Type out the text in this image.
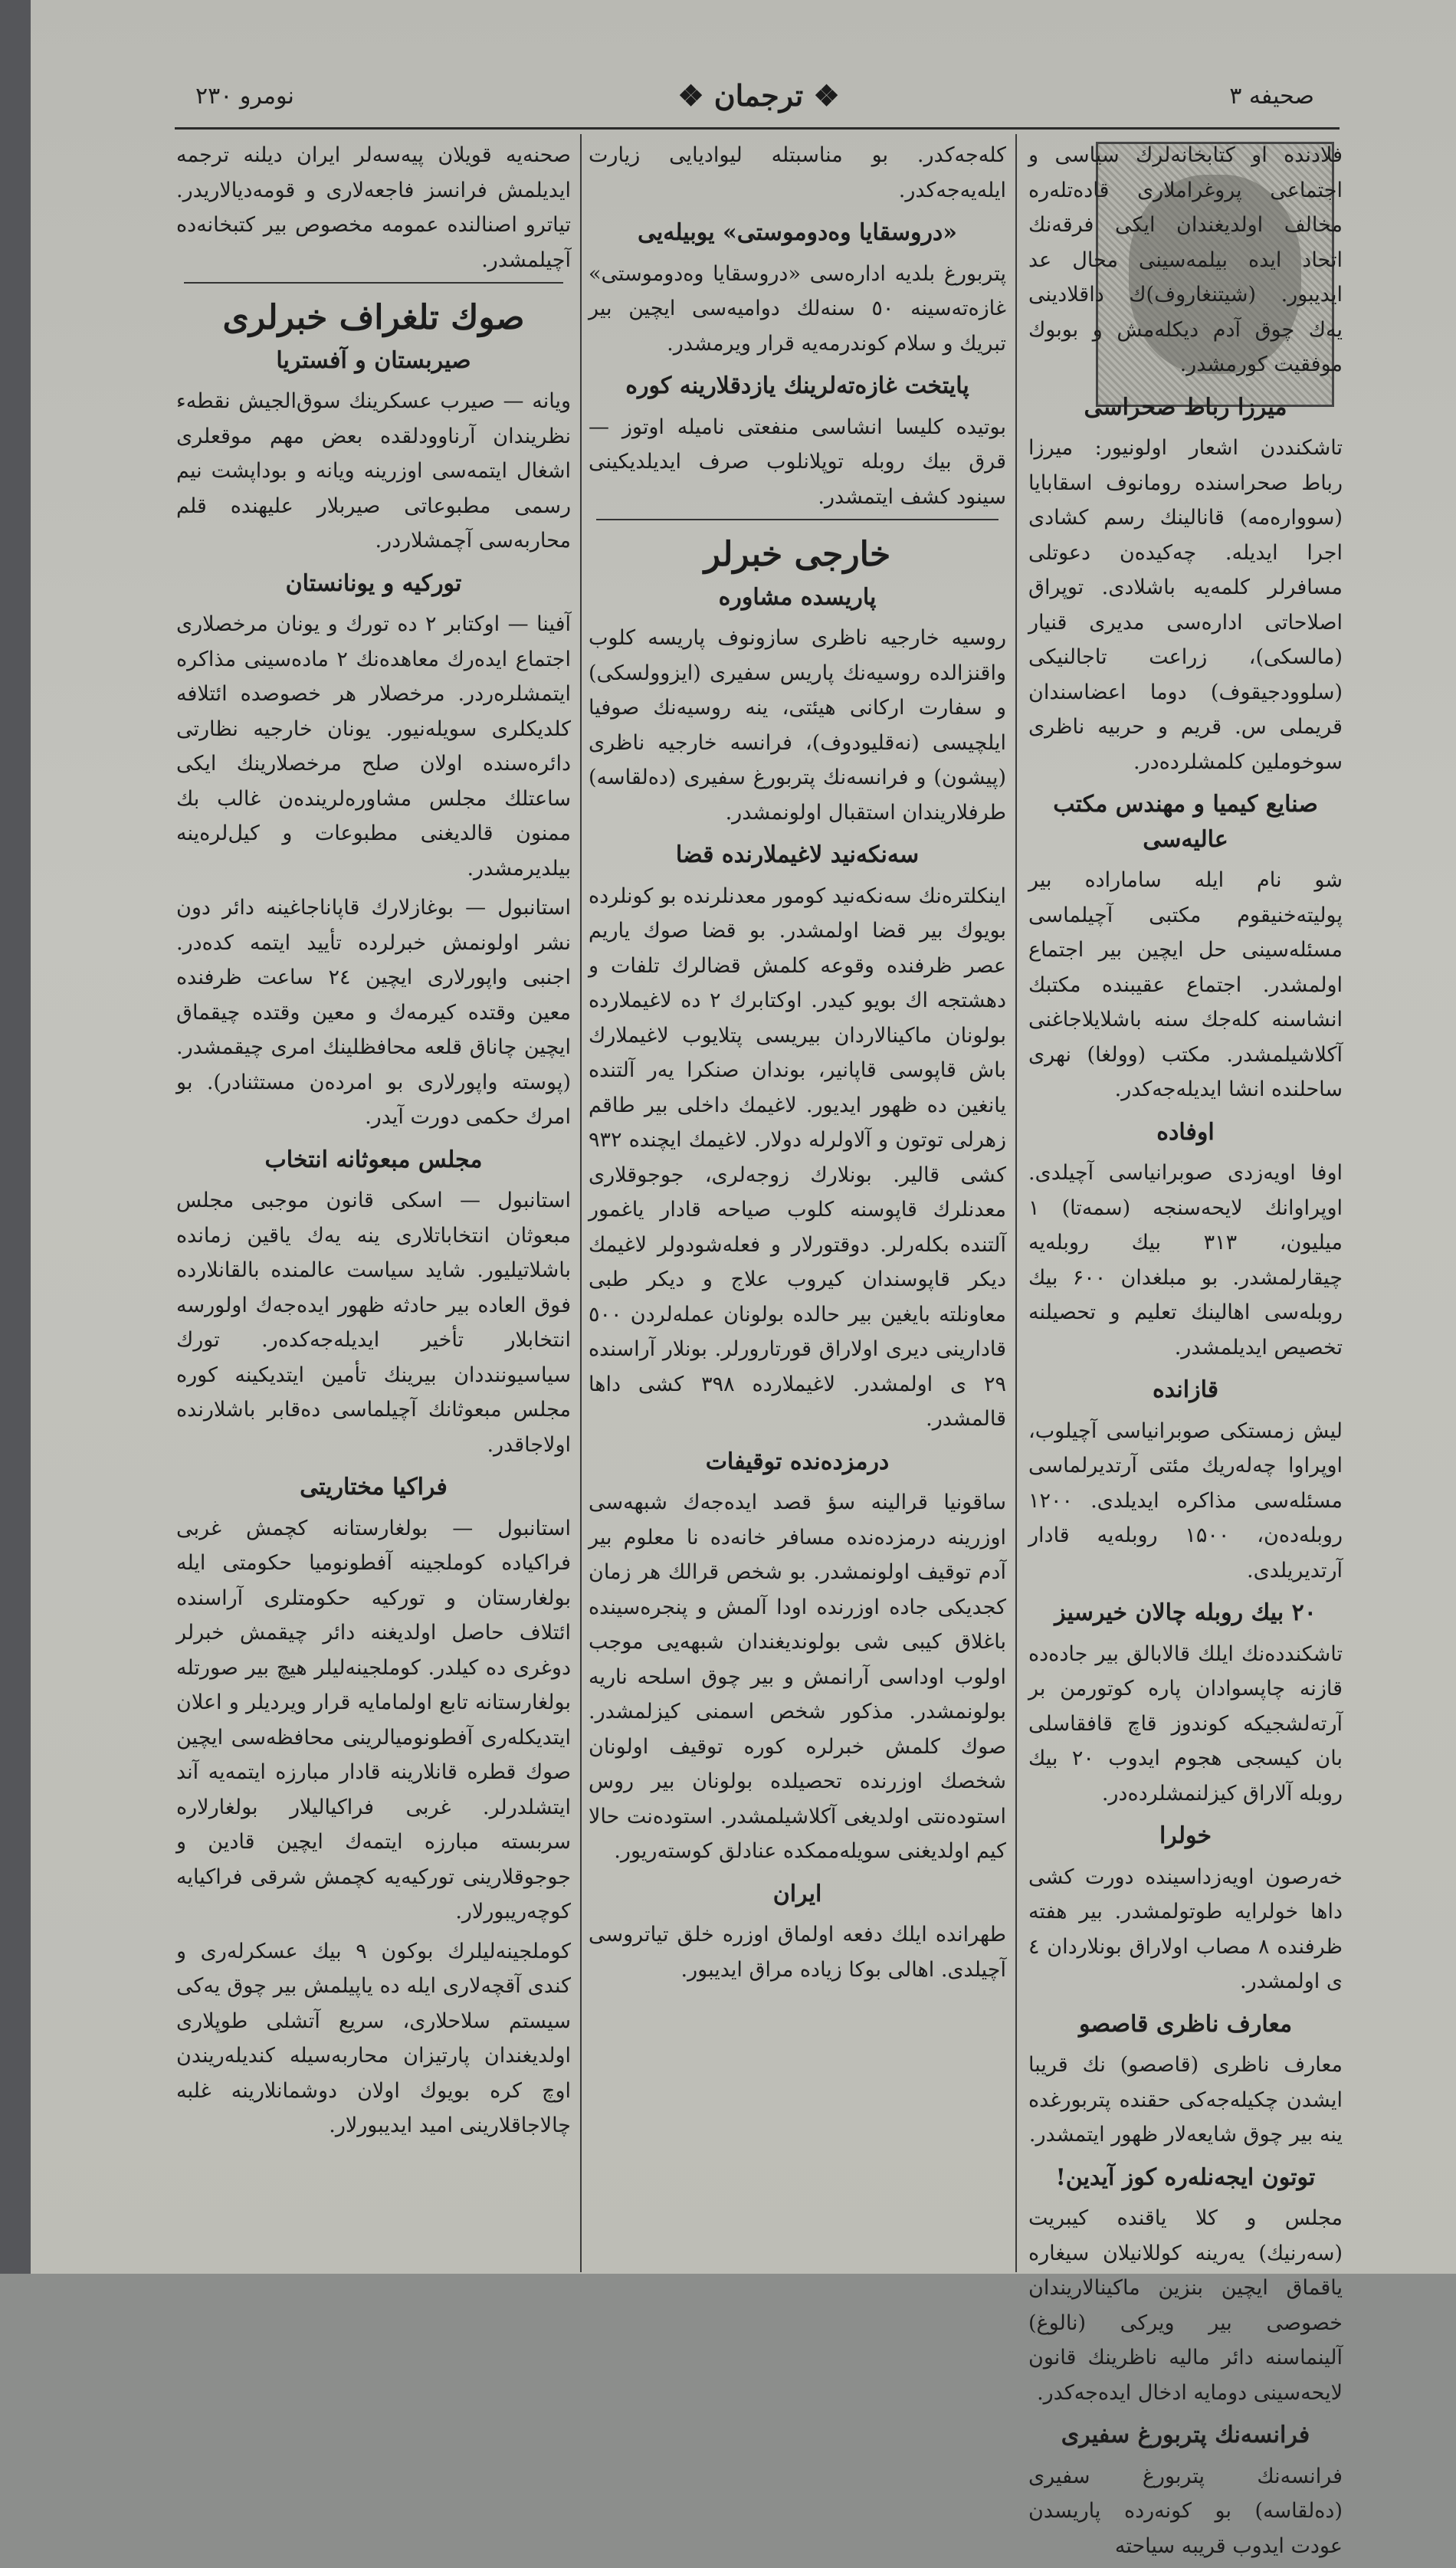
نومرو ۲۳۰	❖ ترجمان ❖	صحیفه ۳

فلادنده او کتابخانه‌لرك سیاسی و اجتماعی پروغراملاری قاده‌تله‌ره مخالف اولدیغندان ایکی فرقه‌نك اتحاد ایده بیلمه‌سینی محال عد ایدیبور. (شیتنغاروف)‌ك داقلادینی یه‌ك چوق آدم دیکله‌مش و بوبوك موفقیت کورمشدر.

میرزا رباط صحراسی

تاشکنددن اشعار اولونیور: میرزا رباط صحراسنده رومانوف اسقابایا (سوواره‌مه) قانالینك رسم کشادی اجرا ایدیله. چه‌کیده‌ن دعوتلی مسافرلر کلمه‌یه باشلادی. توپراق اصلاحاتی اداره‌سی مدیری قنیار (مالسکی)، زراعت تاجالنیکی (سلوودجیقوف) دوما اعضاسندان قریملی س. قریم و حربیه ناظری سوخوملین کلمشلرده‌در.

صنایع کیمیا و مهندس مکتب عالیه‌سی

شو نام ایله ساماراده بیر پولیته‌خنیقوم مکتبی آچیلماسی مسئله‌سینی حل ایچین بیر اجتماع اولمشدر. اجتماع عقیبنده مکتبك انشاسنه کله‌جك سنه باشلایلاجاغنی آکلاشیلمشدر. مکتب (وولغا) نهری ساحلنده انشا ایدیله‌جه‌کدر.

اوفاده

اوفا اویه‌زدی صوبرانیاسی آچیلدی. اوپراوانك لایحه‌سنجه (سمه‌تا) ۱ میلیون، ۳۱۳ بیك روبله‌یه چیقارلمشدر. بو مبلغدان ۶۰۰ بیك روبله‌سی اهالینك تعلیم و تحصیلنه تخصیص ایدیلمشدر.

قازانده

لیش زمستکی صوبرانیاسی آچیلوب، اوپراوا چه‌له‌ریك مئتی آرتدیرلماسی مسئله‌سی مذاکره ایدیلدی. ۱۲۰۰ روبله‌ده‌ن، ۱۵۰۰ روبله‌یه قادار آرتدیریلدی.

۲۰ بیك روبله چالان خیرسیز

تاشکندده‌نك ایلك قالابالق بیر جاده‌ده قازنه چاپسوادان پاره کوتورمن بر آرته‌لشجیکه کوندوز قاچ قافقاسلی بان کیسجی هجوم ایدوب ۲۰ بیك روبله آلاراق کیزلنمشلرده‌در.

خولرا

خه‌رصون اویه‌زداسینده دورت کشی داها خولرایه طوتولمشدر. بیر هفته ظرفنده ۸ مصاب اولاراق بونلاردان ٤ ی اولمشدر.

معارف ناظری قاصصو

معارف ناظری (قاصصو) نك قریبا ایشدن چکیله‌جه‌کی حقنده پتربورغده ینه بیر چوق شایعه‌لار ظهور ایتمشدر.

توتون ایجه‌نله‌ره کوز آیدین!

مجلس و کلا یاقنده کیبریت (سه‌رنیك) یه‌رینه کوللانیلان سیغاره یاقماق ایچین بنزین ماکینالاریندان خصوصی بیر ویرکی (نالوغ) آلینماسنه دائر مالیه ناظرینك قانون لایحه‌سینی دومایه ادخال ایده‌جه‌کدر.

فرانسه‌نك پتربورغ سفیری

فرانسه‌نك پتربورغ سفیری (ده‌لقاسه) بو کونه‌رده پاریسدن عودت ایدوب قریبه سیاحته

کله‌جه‌کدر. بو مناسبتله لیوادیایی زیارت ایله‌یه‌جه‌کدر.

«دروسقایا وه‌دوموستی» یوبیله‌یی

پتربورغ بلدیه اداره‌سی «دروسقایا وه‌دوموستی» غازه‌ته‌سینه ٥٠ سنه‌لك دوامیه‌سی ایچین بیر تبریك و سلام کوندرمه‌یه قرار ویرمشدر.

پایتخت غازه‌ته‌لرینك یازدقلارینه کوره

بوتیده کلیسا انشاسی منفعتی نامیله اوتوز — قرق بیك روبله توپلانلوب صرف ایدیلدیکینی سینود کشف ایتمشدر.

خارجی خبرلر
پاریسده مشاوره

روسیه خارجیه ناظری سازونوف پاریسه کلوب واقنزالده روسیه‌نك پاریس سفیری (ایزوولسکی) و سفارت ارکانی هیئتی، ینه روسیه‌نك صوفیا ایلچیسی (نه‌قلیودوف)، فرانسه خارجیه ناظری (پیشون) و فرانسه‌نك پتربورغ سفیری (ده‌لقاسه) طرفلاریندان استقبال اولونمشدر.

سه‌نکه‌نید لاغیملارنده قضا

اینکلتره‌نك سه‌نکه‌نید کومور معدنلرنده بو کونلرده بویوك بیر قضا اولمشدر. بو قضا صوك یاریم عصر ظرفنده وقوعه کلمش قضالرك تلفات و دهشتجه اك بویو کیدر. اوکتابرك ۲ ده لاغیملارده بولونان ماکینالاردان بیریسی پتلایوب لاغیملارك باش قاپوسی قاپانیر، بوندان صنکرا یه‌ر آلتنده یانغین ده ظهور ایدیور. لاغیمك داخلی بیر طاقم زهرلی توتون و آلاولرله دولار. لاغیمك ایچنده ۹۳۲ کشی قالیر. بونلارك زوجه‌لری، جوجوقلاری معدنلرك قاپوسنه کلوب صیاحه قادار یاغمور آلتنده بکله‌رلر. دوقتورلار و فعله‌شودولر لاغیمك دیکر قاپوسندان کیروب علاج و دیکر طبی معاونلته بایغین بیر حالده بولونان عمله‌لردن ٥٠٠ قادارینی دیری اولاراق قورتارورلر. بونلار آراسنده ۲۹ ی اولمشدر. لاغیملارده ۳۹۸ کشی داها قالمشدر.

درمزده‌نده توقیفات

ساقونیا قرالینه سؤ قصد ایده‌جه‌ك شبهه‌سی اوزرینه درمزده‌نده مسافر خانه‌ده نا معلوم بیر آدم توقیف اولونمشدر. بو شخص قرالك هر زمان کجدیکی جاده اوزرنده اودا آلمش و پنجره‌سینده باغلاق کیبی شی بولوندیغندان شبهه‌یی موجب اولوب اوداسی آرانمش و بیر چوق اسلحه ناریه بولونمشدر. مذکور شخص اسمنی کیزلمشدر. صوك کلمش خبرلره کوره توقیف اولونان شخصك اوزرنده تحصیلده بولونان بیر روس استوده‌نتی اولدیغی آکلاشیلمشدر. استوده‌نت حالا کیم اولدیغنی سویله‌ممکده عنادلق کوسته‌ریور.

ایران

طهرانده ایلك دفعه اولماق اوزره خلق تیاتروسی آچیلدی. اهالی بوکا زیاده مراق ایدیبور.

صحنه‌یه قویلان پیه‌سه‌لر ایران دیلنه ترجمه ایدیلمش فرانسز فاجعه‌لاری و قومه‌دیالاریدر. تیاترو اصنالنده عمومه مخصوص بیر کتبخانه‌ده آچیلمشدر.

صوك تلغراف خبرلری
صیربستان و آفستریا

ویانه — صیرب عسکرینك سوق‌الجیش نقطه‌ء نظریندان آرناوودلقده بعض مهم موقعلری اشغال ایتمه‌سی اوزرینه ویانه و بوداپشت نیم رسمی مطبوعاتی صیربلار علیهنده قلم محاربه‌سی آچمشلاردر.

تورکیه و یونانستان

آفینا — اوکتابر ۲ ده تورك و یونان مرخصلاری اجتماع ایده‌رك معاهده‌نك ۲ ماده‌سینی مذاکره ایتمشلره‌ردر. مرخصلار هر خصوصده ائتلافه کلدیکلری سویله‌نیور. یونان خارجیه نظارتی دائره‌سنده اولان صلح مرخصلارینك ایکی ساعتلك مجلس مشاوره‌لرینده‌ن غالب بك ممنون قالدیغنی مطبوعات و کیل‌لره‌ینه بیلدیرمشدر.

استانبول — بوغازلارك قاپاناجاغینه دائر دون نشر اولونمش خبرلرده تأیید ایتمه کده‌در. اجنبی واپورلاری ایچین ۲٤ ساعت ظرفنده معین وقتده کیرمه‌ك و معین وقتده چیقماق ایچین چاناق قلعه محافظلینك امری چیقمشدر. (پوسته واپورلاری بو امرده‌ن مستثنادر). بو امرك حکمی دورت آیدر.

مجلس مبعوثانه انتخاب

استانبول — اسکی قانون موجبی مجلس مبعوثان انتخاباتلاری ینه یه‌ك یاقین زمانده باشلاتیلیور. شاید سیاست عالمنده بالقانلارده فوق العاده بیر حادثه ظهور ایده‌جه‌ك اولورسه انتخابلار تأخیر ایدیله‌جه‌کده‌ر. تورك سیاسیوننددان بیرینك تأمین ایتدیکینه کوره مجلس مبعوثانك آچیلماسی ده‌قابر باشلارنده اولاجاقدر.

فراکیا مختاریتی

استانبول — بولغارستانه کچمش غربی فراکیاده کوملجینه آفطونومیا حکومتی ایله بولغارستان و تورکیه حکومتلری آراسنده ائتلاف حاصل اولدیغنه دائر چیقمش خبرلر دوغری ده کیلدر. کوملجینه‌لیلر هیچ بیر صورتله بولغارستانه تابع اولمامایه قرار ویردیلر و اعلان ایتدیکله‌ری آفطونومیالرینی محافظه‌سی ایچین صوك قطره قانلارینه قادار مبارزه ایتمه‌یه آند ایتشلدرلر. غربی فراکیالیلار بولغارلاره سربسته مبارزه ایتمه‌ك ایچین قادین و جوجوقلارینی تورکیه‌یه کچمش شرقی فراکیایه کوچه‌ریبورلار.

کوملجینه‌لیلرك بوکون ۹ بیك عسکرله‌ری و کندی آقچه‌لاری ایله ده یاپیلمش بیر چوق یه‌کی سیستم سلاحلاری، سریع آتشلی طوپلاری اولدیغندان پارتیزان محاربه‌سیله کندیله‌ریندن اوچ کره بویوك اولان دوشمانلارینه غلبه چالاجاقلارینی امید ایدیبورلار.
